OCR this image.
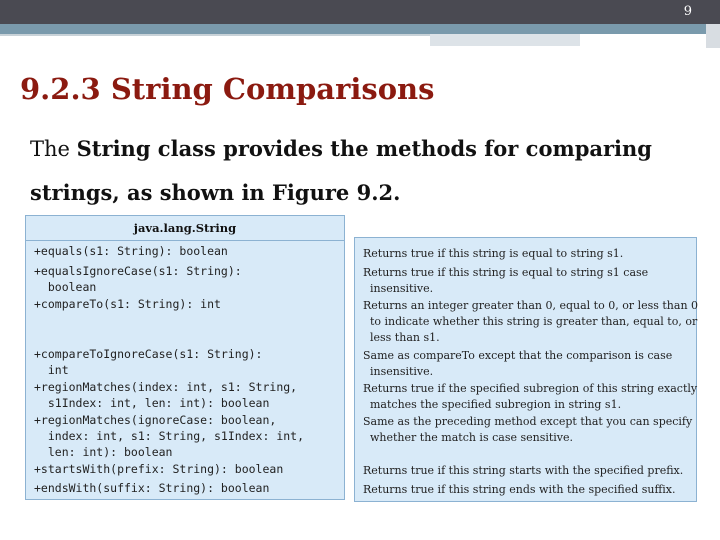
9
9.2.3 String Comparisons

The String class provides the methods for comparing strings, as shown in Figure 9.2.

java.lang.String

+equals(s1: String): boolean

+equalsIgnoreCase(s1: String):
boolean

+compareTo(s1: String): int

+compareToIgnoreCase(s1: String):
int

+regionMatches(index: int, s1: String,
s1Index: int, len: int): boolean

+regionMatches(ignoreCase: boolean,
index: int, s1: String, s1Index: int,
len: int): boolean

+startsWith(prefix: String): boolean

+endsWith(suffix: String): boolean

Returns true if this string is equal to string s1.

Returns true if this string is equal to string s1 case
insensitive.

Returns an integer greater than 0, equal to 0, or less than 0
to indicate whether this string is greater than, equal to, or
less than s1.

Same as compareTo except that the comparison is case
insensitive.

Returns true if the specified subregion of this string exactly
matches the specified subregion in string s1.

Same as the preceding method except that you can specify
whether the match is case sensitive.

Returns true if this string starts with the specified prefix.

Returns true if this string ends with the specified suffix.
